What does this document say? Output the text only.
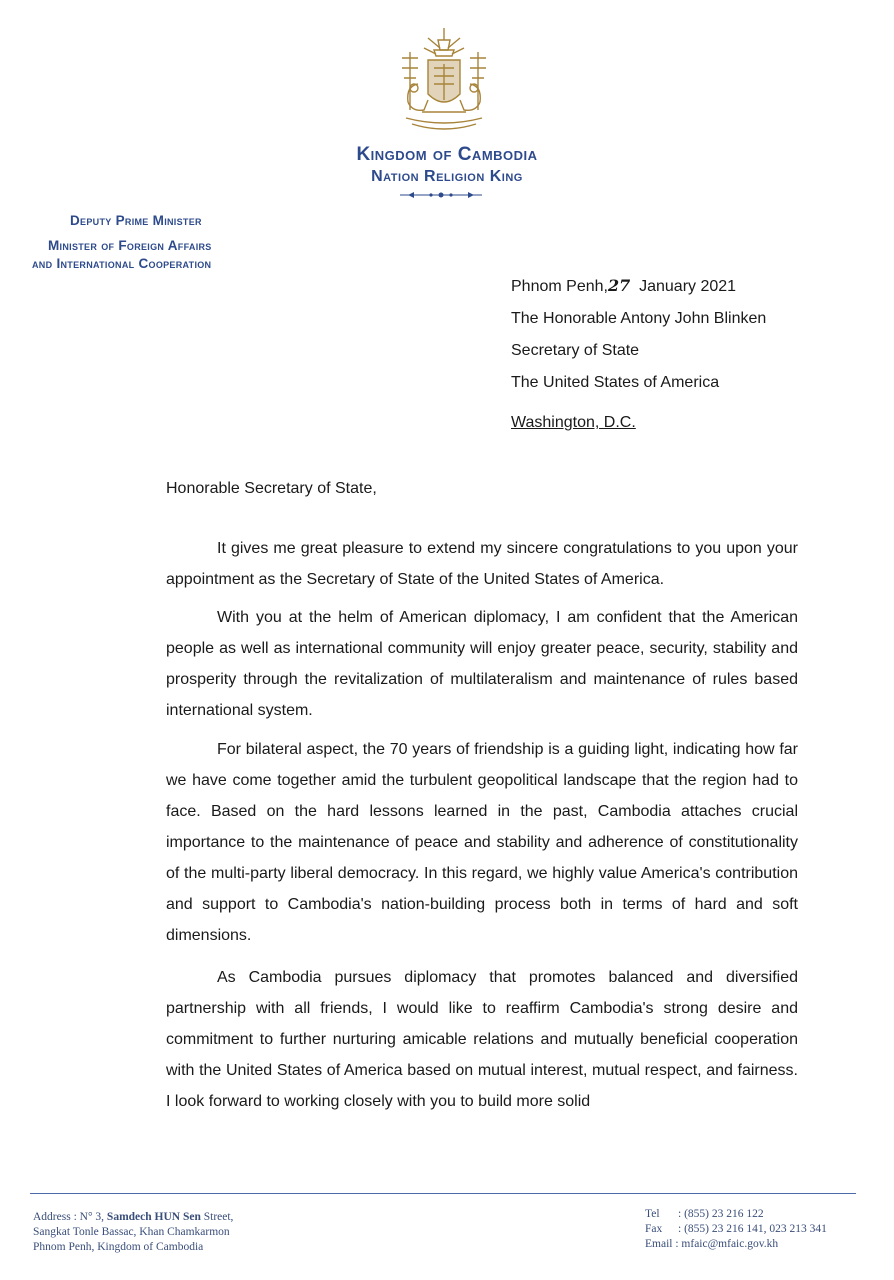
Kingdom of Cambodia
Nation Religion King
Deputy Prime Minister
Minister of Foreign Affairs
and International Cooperation
Phnom Penh,27 January 2021
The Honorable Antony John Blinken
Secretary of State
The United States of America
Washington, D.C.
Honorable Secretary of State,

It gives me great pleasure to extend my sincere congratulations to you upon your appointment as the Secretary of State of the United States of America.

With you at the helm of American diplomacy, I am confident that the American people as well as international community will enjoy greater peace, security, stability and prosperity through the revitalization of multilateralism and maintenance of rules based international system.

For bilateral aspect, the 70 years of friendship is a guiding light, indicating how far we have come together amid the turbulent geopolitical landscape that the region had to face. Based on the hard lessons learned in the past, Cambodia attaches crucial importance to the maintenance of peace and stability and adherence of constitutionality of the multi-party liberal democracy. In this regard, we highly value America's contribution and support to Cambodia's nation-building process both in terms of hard and soft dimensions.

As Cambodia pursues diplomacy that promotes balanced and diversified partnership with all friends, I would like to reaffirm Cambodia's strong desire and commitment to further nurturing amicable relations and mutually beneficial cooperation with the United States of America based on mutual interest, mutual respect, and fairness. I look forward to working closely with you to build more solid

Address : N° 3, Samdech HUN Sen Street,
Sangkat Tonle Bassac, Khan Chamkarmon
Phnom Penh, Kingdom of Cambodia
Tel : (855) 23 216 122
Fax : (855) 23 216 141, 023 213 341
Email : mfaic@mfaic.gov.kh
